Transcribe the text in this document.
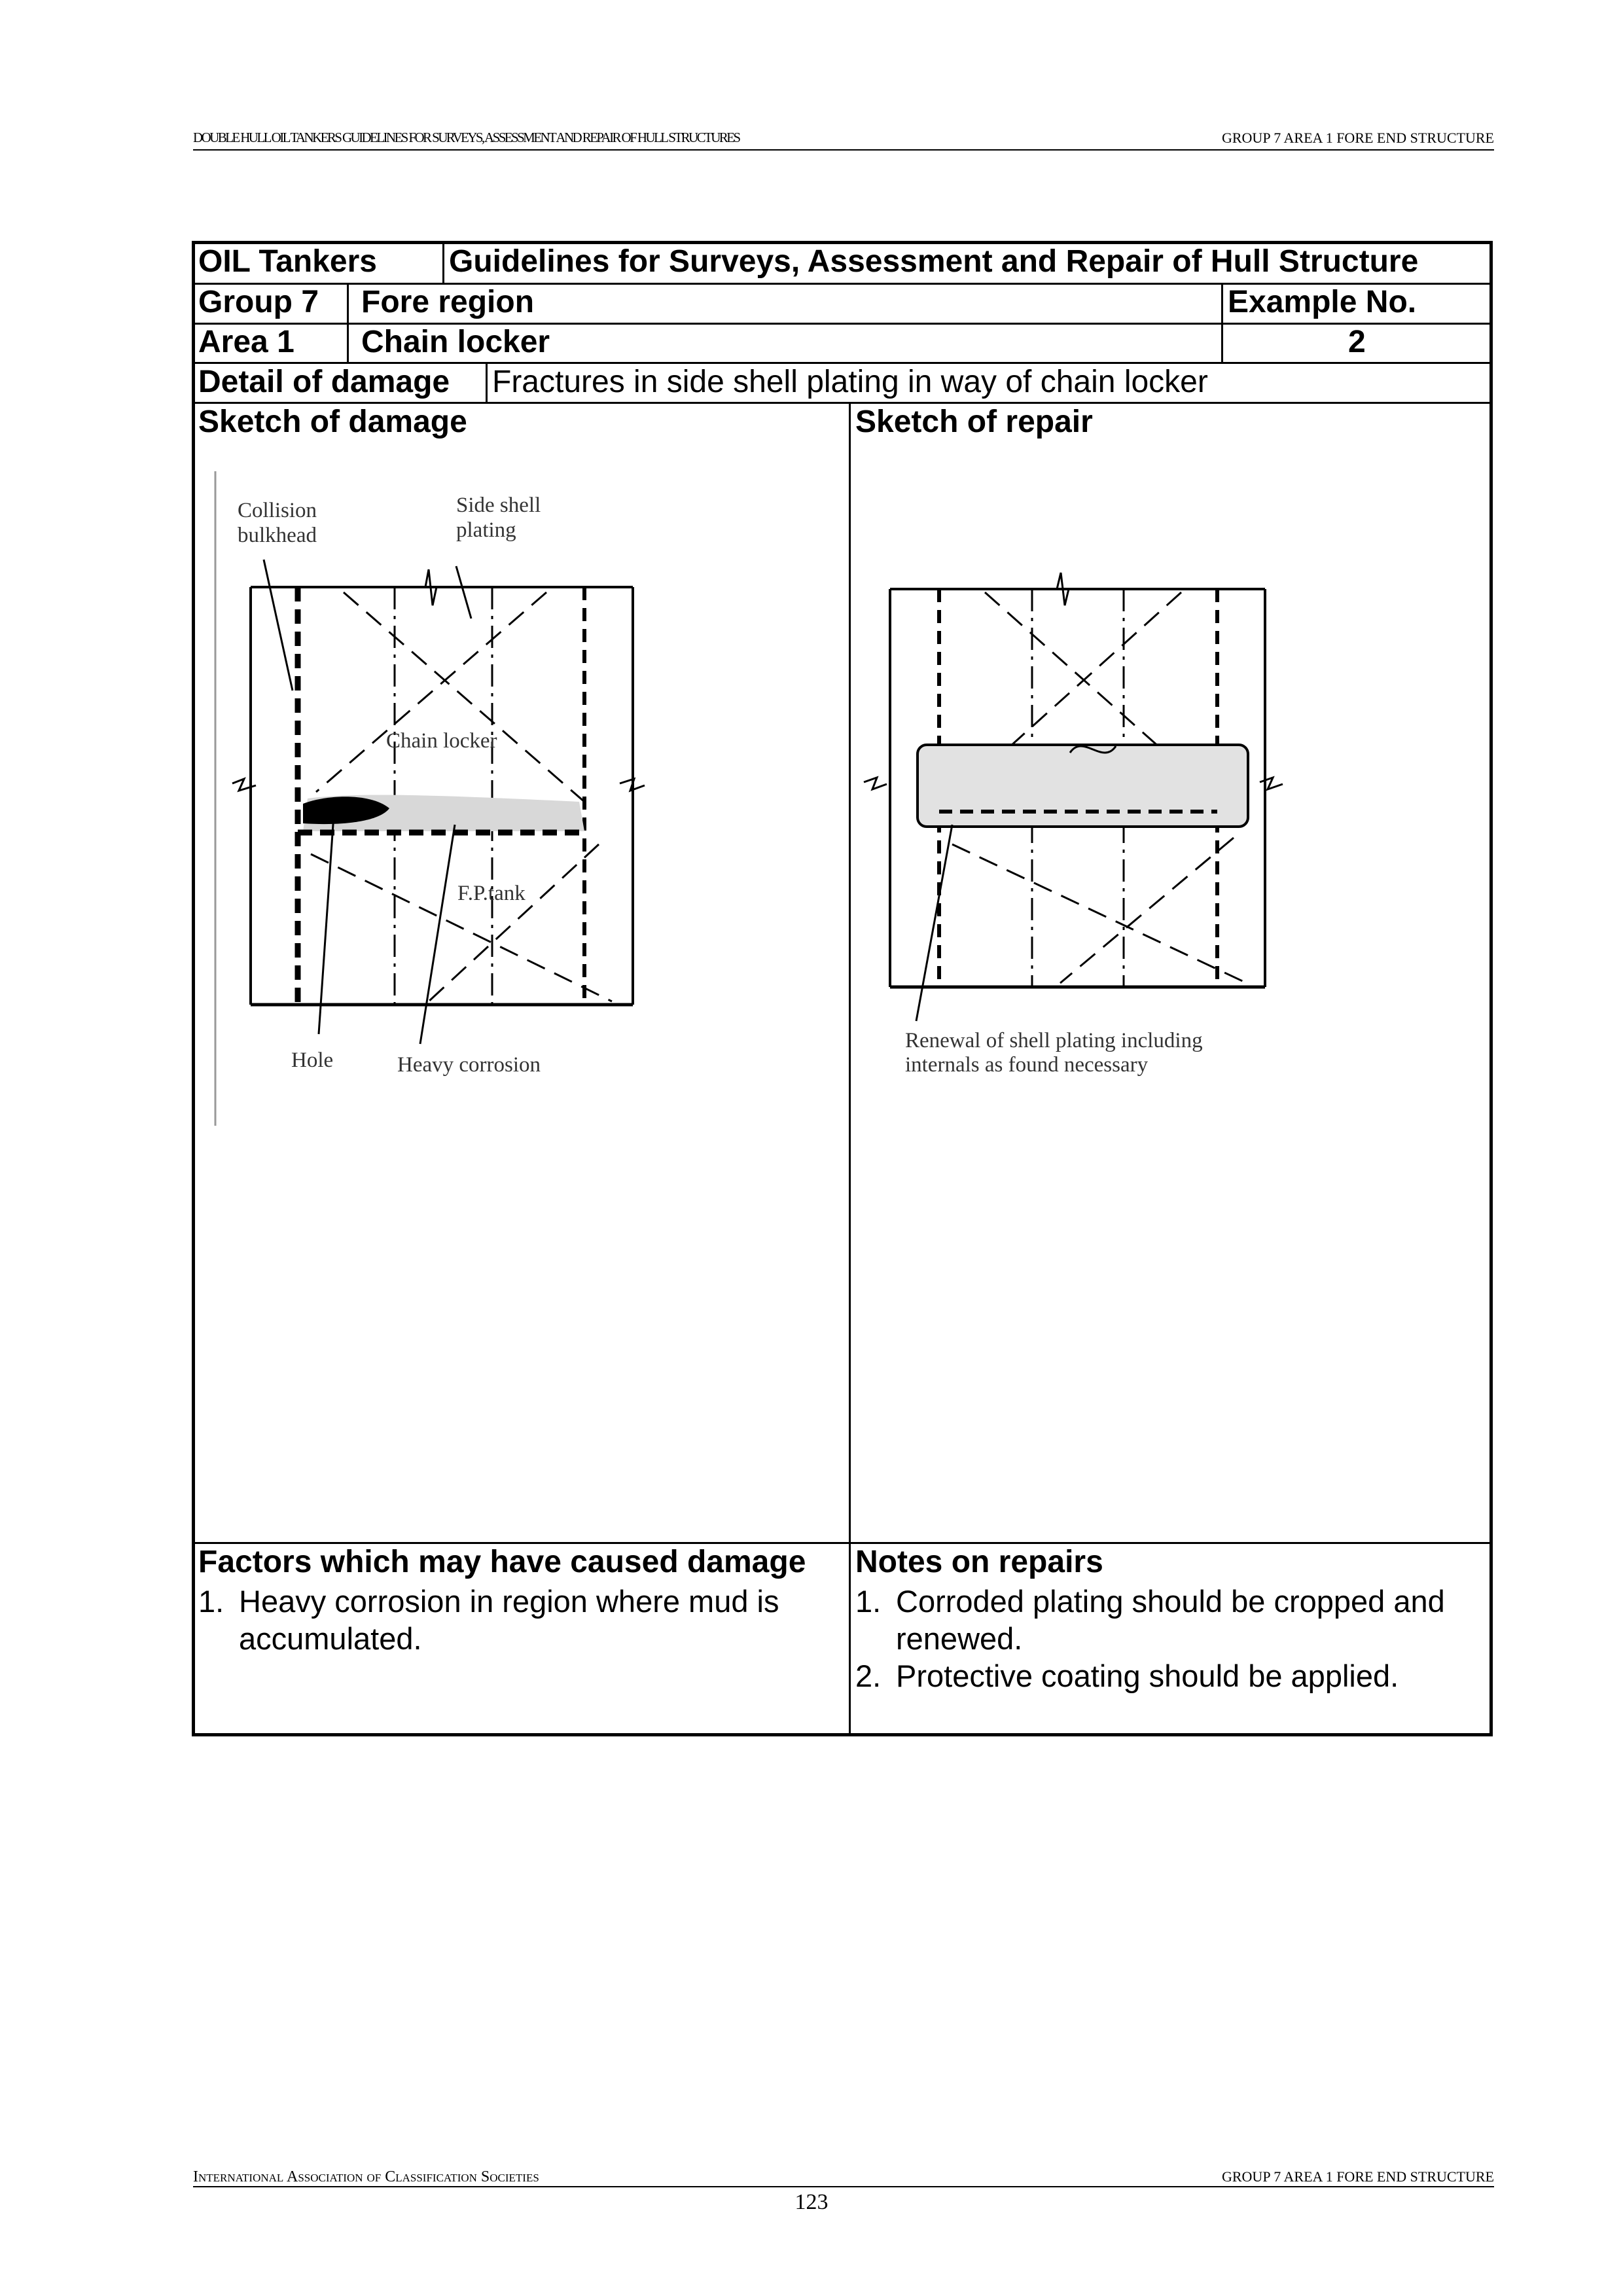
DOUBLE HULL OIL TANKERS GUIDELINES FOR SURVEYS, ASSESSMENT AND REPAIR OF HULL STRUCTURES	GROUP 7 AREA 1 FORE END STRUCTURE
OIL Tankers Guidelines for Surveys, Assessment and Repair of Hull Structure
Group 7 Fore region	Example No.
Area 1 Chain locker	2
Detail of damage Fractures in side shell plating in way of chain locker
Sketch of damage	Sketch of repair
Collision
bulkhead
Side shell
plating
Chain locker
F.P.tank
Hole	Heavy corrosion
Renewal of shell plating including
internals as found necessary
Factors which may have caused damage
1. Heavy corrosion in region where mud is accumulated.
Notes on repairs
1. Corroded plating should be cropped and renewed.
2. Protective coating should be applied.
International Association of Classification Societies	GROUP 7 AREA 1 FORE END STRUCTURE
123
